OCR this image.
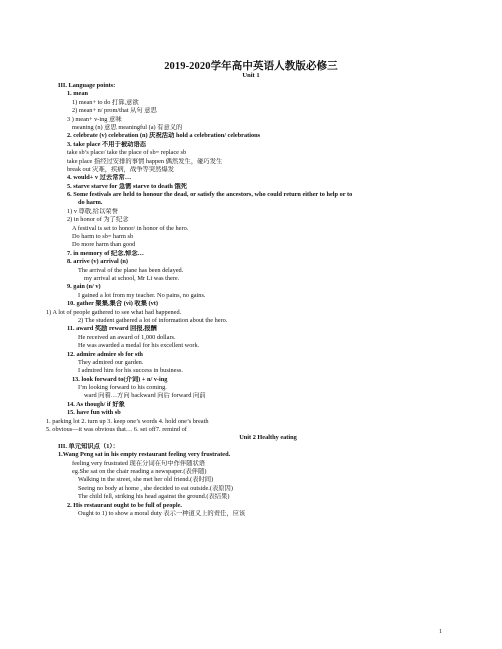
2019-2020学年高中英语人教版必修三
Unit 1
III. Language points:
1. mean
1) mean+ to do 打算,意欲
2) mean+ n/ prom/that 从句 意思
3 ) mean+ v-ing 意味
meaning (n) 意思 meaningful (a) 有意义的
2. celebrate (v) celebration (n) 庆祝活动 hold a celebration/ celebrations
3. take place 不用于被动语态
take sb’s place/ take the place of sb= replace sb
take place 指经过安排的事情 happen 偶然发生，碰巧发生
break out 灾难，疾病，战争等突然爆发
4. would+ v 过去常常…
5. starve starve for 急需 starve to death 饿死
6. Some festivals are held to honour the dead, or satisfy the ancestors, who could return either to help or to
do harm.
1) v 尊敬,给以荣誉
2) in honor of 为了纪念
A festival is set to honor/ in honor of the hero.
Do harm to sb= harm sb
Do more harm than good
7. in memory of 纪念,悼念…
8. arrive (v) arrival (n)
The arrival of the plane has been delayed.
my arrival at school, Mr Li was there.
9. gain (n/ v)
I gained a lot from my teacher. No pains, no gains.
10. gather 聚集,集合 (vi) 收集 (vt)
1) A lot of people gathered to see what had happened.
2) The student gathered a lot of information about the hero.
11. award 奖励 reward 回报,报酬
He received an award of 1,000 dollars.
He was awarded a medal for his excellent work.
12. admire admire sb for sth
They admired our garden.
I admired him for his success in business.
13. look forward to(介词) + n/ v-ing
I’m looking forward to his coming.
ward 向着…方向 backward 向后 forward 向前
14. As though/ if 好象
15. have fun with sb
1. parking lot 2. turn up 3. keep one’s words 4. hold one’s breath
5. obvious—it was obvious that… 6. set off7. remind of
Unit 2 Healthy eating
III. 单元知识点（1）：
1.Wang Peng sat in his empty restaurant feeling very frustrated.
feeling very frustrated 现在分词在句中作伴随状语
eg.She sat on the chair reading a newspaper.(表伴随)
Walking in the street, she met her old friend.(表时间)
Seeing no body at home , she decided to eat outside.(表原因)
The child fell, striking his head against the ground.(表结果)
2. His restaurant ought to be full of people.
Ought to 1) to show a moral duty 表示一种道义上的责任，应该
1
